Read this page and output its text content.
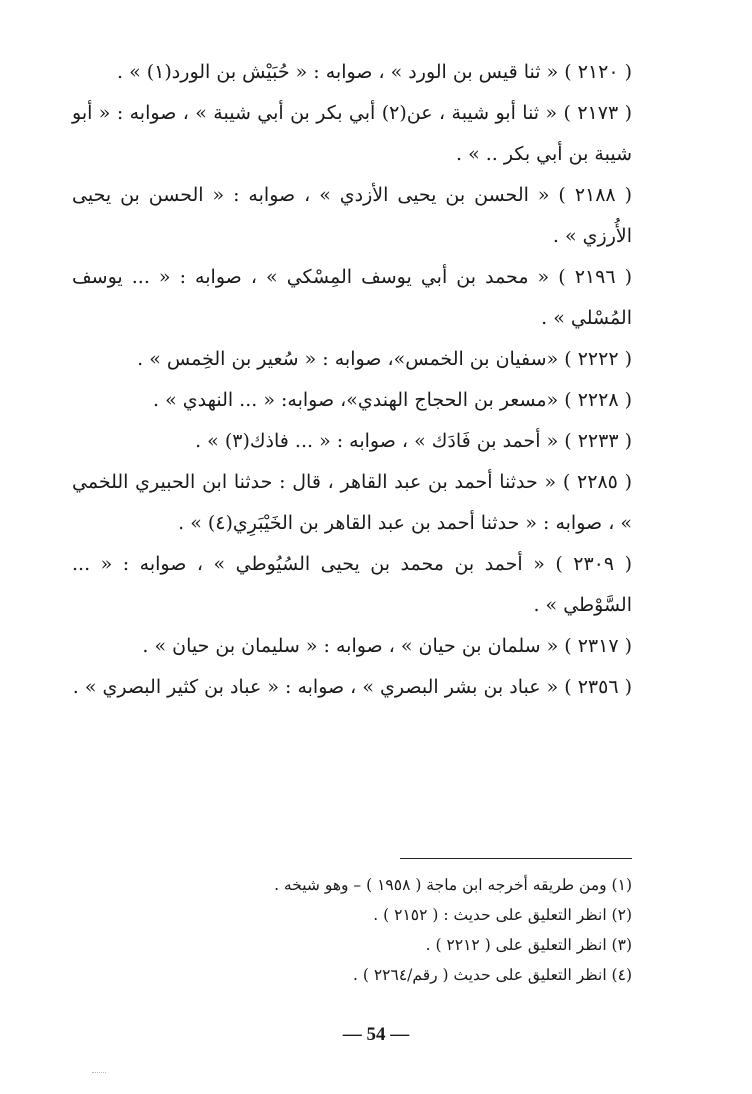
( ٢١٢٠ ) « ثنا قيس بن الورد » ، صوابه : « حُبَيْش بن الورد(١) » .

( ٢١٧٣ ) « ثنا أبو شيبة ، عن(٢) أبي بكر بن أبي شيبة » ، صوابه : « أبو شيبة بن أبي بكر .. » .

( ٢١٨٨ ) « الحسن بن يحيى الأزدي » ، صوابه : « الحسن بن يحيى الأُرزي » .

( ٢١٩٦ ) « محمد بن أبي يوسف المِسْكي » ، صوابه : « ... يوسف المُسْلي » .

( ٢٢٢٢ ) «سفيان بن الخمس»، صوابه : « سُعير بن الخِمس » .

( ٢٢٢٨ ) «مسعر بن الحجاج الهندي»، صوابه: « ... النهدي » .

( ٢٢٣٣ ) « أحمد بن فَادَك » ، صوابه : « ... فاذك(٣) » .

( ٢٢٨٥ ) « حدثنا أحمد بن عبد القاهر ، قال : حدثنا ابن الحبيري اللخمي » ، صوابه : « حدثنا أحمد بن عبد القاهر بن الخَيْبَرِي(٤) » .

( ٢٣٠٩ ) « أحمد بن محمد بن يحيى السُيُوطي » ، صوابه : « ... السَّوْطي » .

( ٢٣١٧ ) « سلمان بن حيان » ، صوابه : « سليمان بن حيان » .

( ٢٣٥٦ ) « عباد بن بشر البصري » ، صوابه : « عباد بن كثير البصري » .

(١) ومن طريقه أخرجه ابن ماجة ( ١٩٥٨ ) – وهو شيخه .

(٢) انظر التعليق على حديث : ( ٢١٥٢ ) .

(٣) انظر التعليق على ( ٢٢١٢ ) .

(٤) انظر التعليق على حديث ( رقم/٢٢٦٤ ) .

— 54 —
